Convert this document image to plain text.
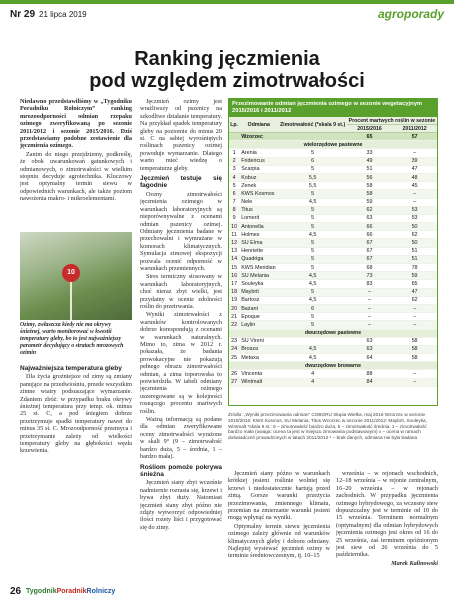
Nr 29 21 lipca 2019	agroporady
Ranking jęczmienia
pod względem zimotrwałości

Niedawno przedstawiliśmy w „Tygodniku Poradniku Rolniczym” ranking mrozoodporności odmian rzepaku ozimego zweryfikowaną po sezonie 2011/2012 i sezonie 2015/2016. Dziś przedstawiamy podobne zestawienie dla jęczmienia ozimego.

Zanim do niego przejdziemy, podkreślę, że obok uwarunkowań gatunkowych i odmianowych, o zimotrwałości w wielkim stopniu decyduje agrotechnika. Kluczowy jest optymalny termin siewu w odpowiednich warunkach, ale także poziom nawożenia makro- i mikroelementami.

10
Ozimy, zwłaszcza kiedy nie ma okrywy śnieżnej, warto monitorować w kwestii temperatury gleby, bo to jest najważniejszy parametr decydujący o stratach mrozowych ozimin
Najważniejsza temperatura gleby

Dla życia grożniejsze od zimy są zmiany panujące na przedwiośniu, przede wszystkim zimne wiatry podsuszające wymarzanie. Zdaniem zbóż: w przypadku braku okrywy śnieżnej temperatura przy temp. ok. minus 25 st. C, a pod śniegiem dobrze przetrzymuje spadki temperatury nawet do minus 35 st. C. Mrozoodporność przemyca i przetrzymanie zależy od wielkości temperatury gleby na głębokości węzła krzewienia.

Jęczmień ozimy jest wrażliwszy od pszenicy na szkodliwe działanie temperatury. Na przykład spadek temperatury gleby na poziomie do minus 20 st. C na sabiej wyrośniętych roślinach pszenicy ozimej powoduje wymarzanie. Dlatego warto mieć wiedzę o temperaturze gleby.

Jęczmień testuje się fagodnie

Oceny zimotrwałości jęczmienia ozimego w warunkach laboratoryjnych są nieporównywalne z ocenami odmian pszenicy ozimej. Odmiany jęczmienia badane w przechowalni i wymrażane w komorach klimatycznych. Symulacja zimowej ekspozycji pozwala ocenić odporność w warunkach przemiennych.

Stres termiczny stosowany w warunkach laboratoryjnych, choć nieraz zbyt wielki, jest przydatny w ocenie zdolności roślin do przetrwania.

Wyniki zimotrwałości z warunków kontrolowanych dobrze korespondują z ocenami w warunkach naturalnych. Mimo to, zima w 2012 r. pokazała, że badania prowokacyjne nie pokazują pełnego obrazu zimotrwałości odmian, a zima toporowska to potwierdziła. W tabeli odmiany jęczmienia ozimego uszeregowane są w kolejności rosnącego procentu martwych roślin.

Ważną informacją są podane dla odmian zweryfikowane oceny zimotrwałości wyrażone w skali 9° (9 – zimotrwałość bardzo duża, 5 – średnia, 1 – bardzo mała).

Rośliom pomoże pokrywa śnieżna

Jęczmień siany zbyt wcześnie nadmiernie rozrasta się, krzewi i bywa zbyt duży. Natomiast jęczmień siany zbyt późno nie zdąży wytworzyć odpowiedniej ilości rozety liści i przygotować się do zimy.

Przezimowanie odmian jęczmienia ozimego w sezonie wegetacyjnym 2015/2016 i 2011/2012
Lp.	Odmiana	Zimotrwałość (*skala 9 st.)	Procent martwych roślin w sezonie	
			2015/2016	2011/2012
	Wzorzec		65	57
wielorzędowe pastewne				
1	Arenia	5	33	–
2	Fridericus	6	49	39
3	Scarpia	5	51	47
4	Kobuz	5,5	56	48
5	Zenek	5,5	58	45
6	KWS Kosmos	5	58	–
7	Nele	4,5	59	–
8	Titus	5	62	53
9	Lomerit	5	63	53
10	Antonella	5	66	50
11	Holmes	4,5	66	62
12	SU Elma	5	67	50
13	Henriette	5	67	51
14	Quadriga	5	67	51
15	KWS Meridian	5	68	78
16	SU Melania	4,5	73	59
17	Souleyka	4,5	83	65
18	Maybrit	5	–	47
19	Bartosz	4,5	–	62
20	Bażant	6	–	–
21	Epoque	5	–	–
22	Laylin	5	–	–
dwurzędowe pastewne				
23	SU Vireni		63	58
24	Brosza	4,5	63	58
25	Metaxa	4,5	64	58
dwurzędowe browarne				
26	Vincenta	4	88	–
27	Wintmalt	4	84	–
Źródło: „Wyniki przezimowania odmian” COBORU Słupia Wielka, maj 2016 Wzorzec w sezonie 2015/2016: KWS Kosmos, SU Melania, Titus Wzorzec w sezonie 2011/2012: Maybrit, Souleyka, Wintmalt *skala 9 st.: 9 – zimotrwałość bardzo duża, 5 – zimotrwałość średnia, 1 – zimotrwałość bardzo mała (uwaga: ocena ta jest w miejscu zimowania podstawowym) x – ocena w ramach doświadczeń prowadzonych w latach 2011/2012 * – brak danych, odmiana nie była badana

Jęczmień siany późno w warunkach krótkiej jesieni roślinie wolniej się krzewi i niedostatecznie hartują przed zimą. Gorsze warunki przeżycia przezimowania, zmiennego klimatu, przemian na zmierzanie warunki jesieni mogą wpłynąć na wyniki.

Optymalny termin siewu jęczmienia ozimego zależy głównie od warunków klimatycznych gleby i doboru odmiany. Najlepiej wysiewać jęczmień ozimy w terminie średniowczesnym, tj. 10–15

września – w rejonach wschodnich, 12–18 września – w rejonie centralnym, 16–20 września – w rejonach zachodnich. W przypadku jęczmienia ozimego hybrydowego, za wczesny siew dopuszczalny jest w terminie od 10 do 15 września. Terminem normalnym (optymalnym) dla odmian hybrydowych jęczmienia ozimego jest okres od 16 do 25 września, zaś terminem opóźnionym jest siew od 26 września do 5 października.

Marek Kalinowski

26 TygodnikPoradnikRolniczy
